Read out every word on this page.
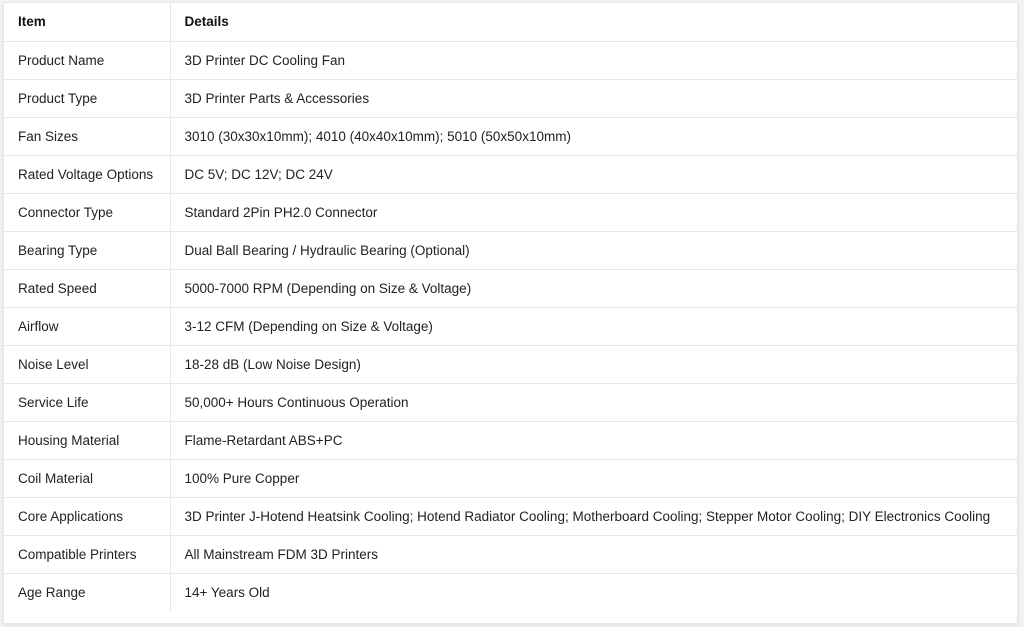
Item	Details
Product Name	3D Printer DC Cooling Fan
Product Type	3D Printer Parts & Accessories
Fan Sizes	3010 (30x30x10mm); 4010 (40x40x10mm); 5010 (50x50x10mm)
Rated Voltage Options	DC 5V; DC 12V; DC 24V
Connector Type	Standard 2Pin PH2.0 Connector
Bearing Type	Dual Ball Bearing / Hydraulic Bearing (Optional)
Rated Speed	5000-7000 RPM (Depending on Size & Voltage)
Airflow	3-12 CFM (Depending on Size & Voltage)
Noise Level	18-28 dB (Low Noise Design)
Service Life	50,000+ Hours Continuous Operation
Housing Material	Flame-Retardant ABS+PC
Coil Material	100% Pure Copper
Core Applications	3D Printer J-Hotend Heatsink Cooling; Hotend Radiator Cooling; Motherboard Cooling; Stepper Motor Cooling; DIY Electronics Cooling
Compatible Printers	All Mainstream FDM 3D Printers
Age Range	14+ Years Old
